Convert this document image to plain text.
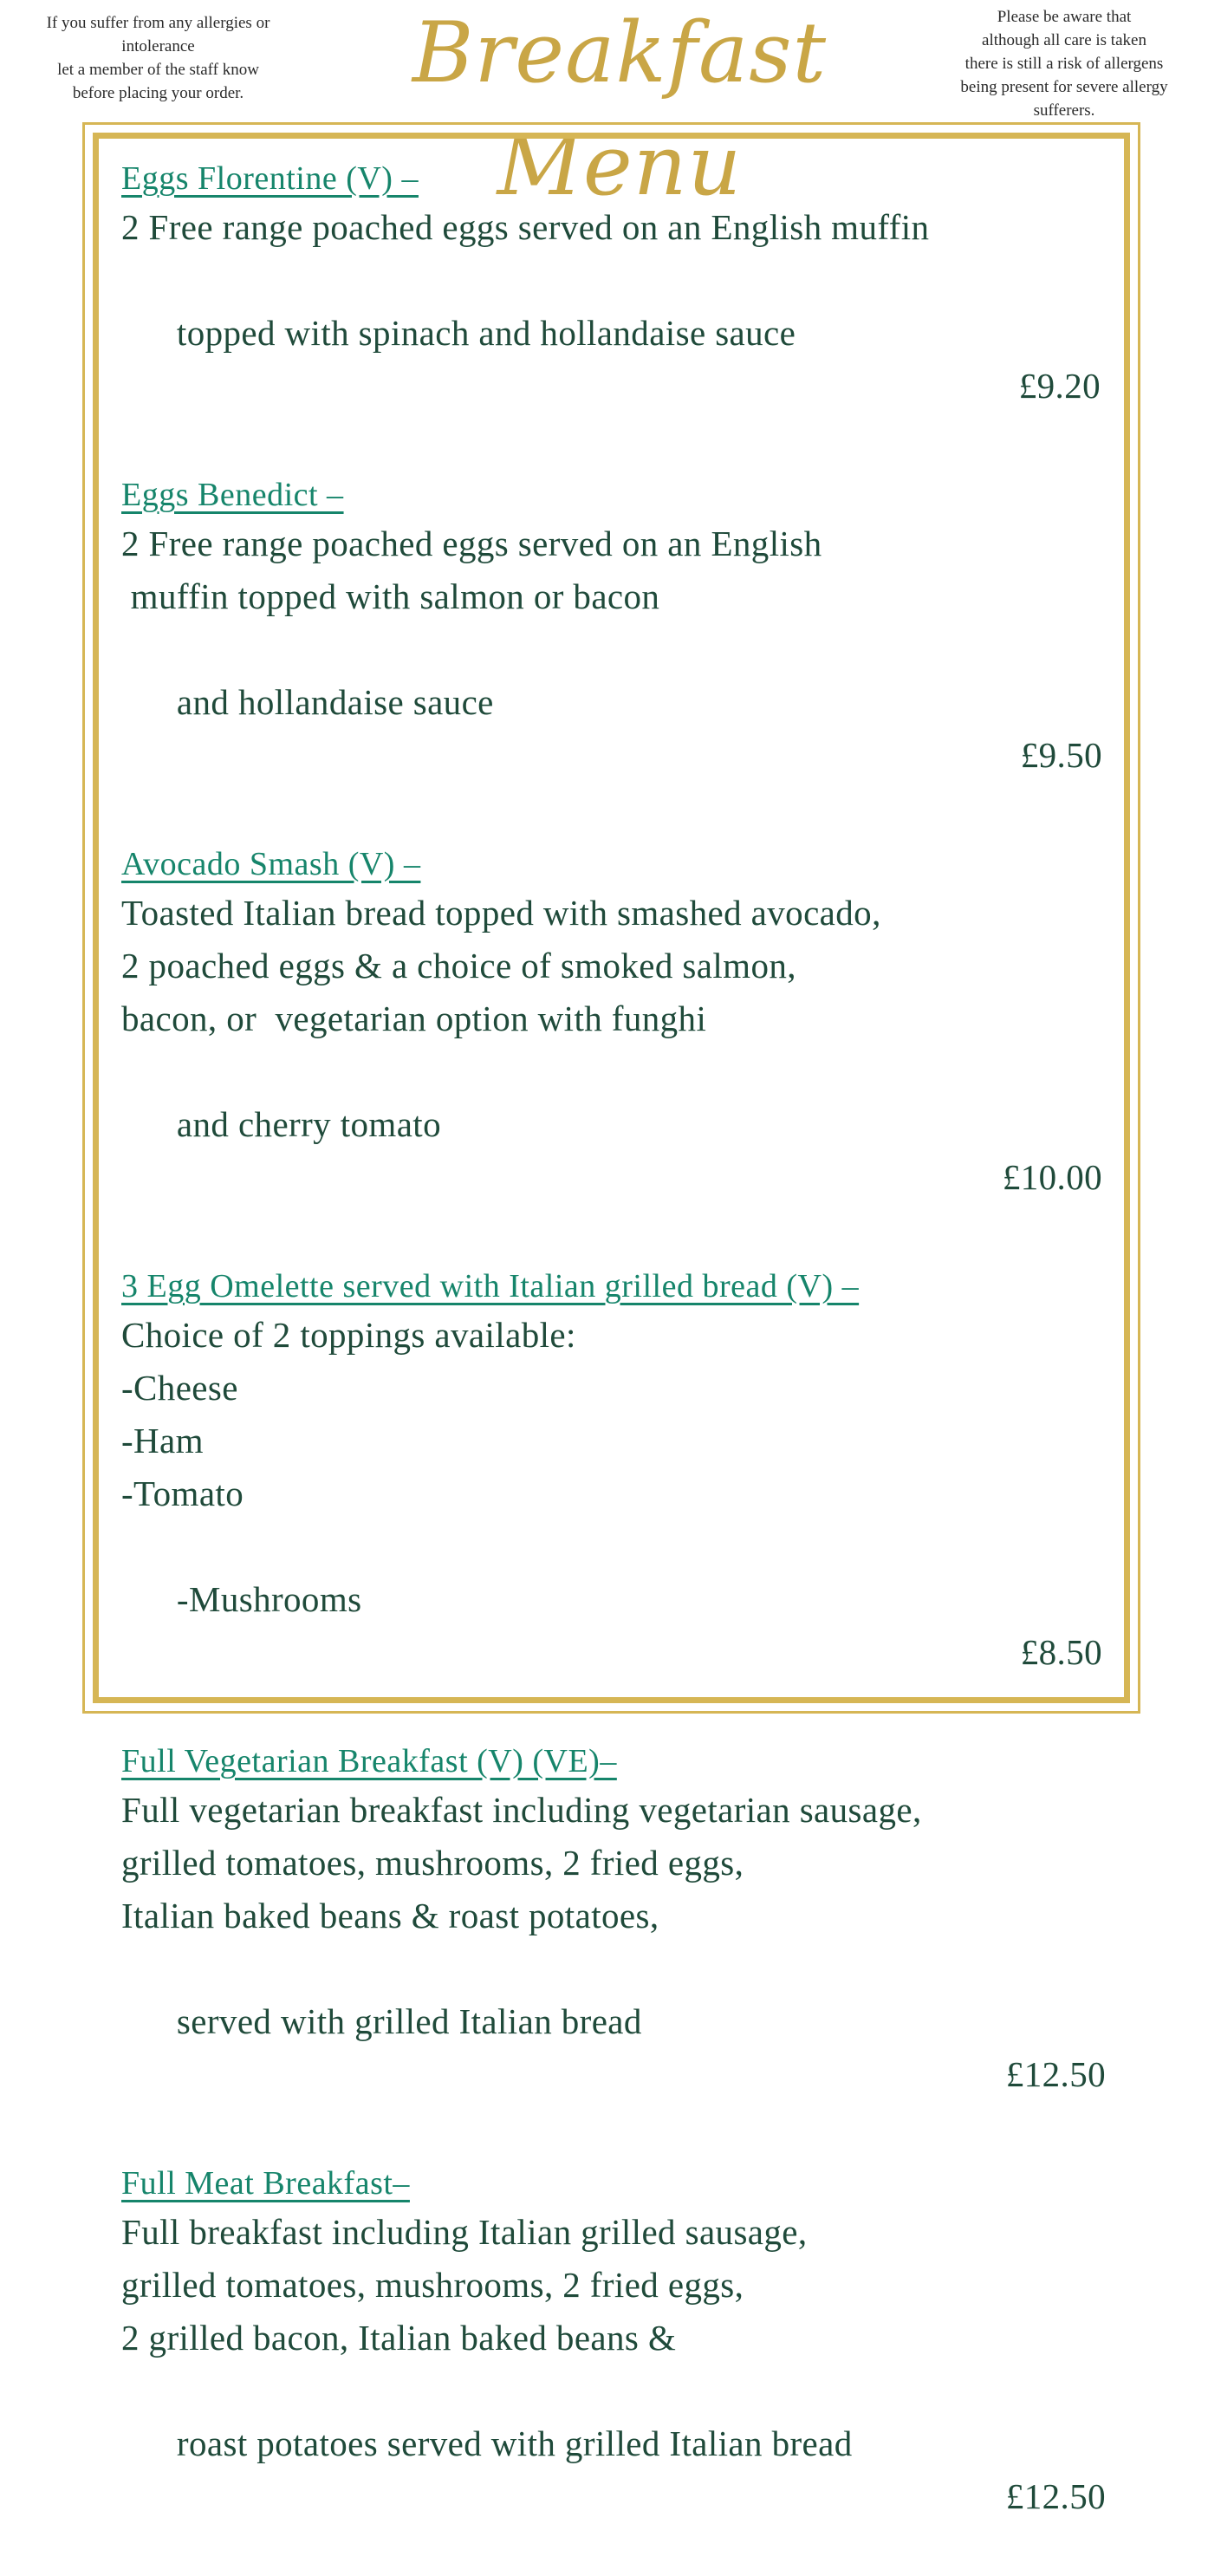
If you suffer from any allergies or
intolerance
let a member of the staff know
before placing your order.	Breakfast Menu
Please be aware that
although all care is taken
there is still a risk of allergens
being present for severe allergy
sufferers.
Eggs Florentine (V) –
2 Free range poached eggs served on an English muffin

topped with spinach and hollandaise sauce

£9.20

Eggs Benedict –
2 Free range poached eggs served on an English
muffin topped with salmon or bacon

and hollandaise sauce

£9.50

Avocado Smash (V) –
Toasted Italian bread topped with smashed avocado,
2 poached eggs & a choice of smoked salmon,
bacon, or  vegetarian option with funghi

and cherry tomato

£10.00

3 Egg Omelette served with Italian grilled bread (V) –
Choice of 2 toppings available:
-Cheese
-Ham
-Tomato

-Mushrooms

£8.50

Full Vegetarian Breakfast (V) (VE)–
Full vegetarian breakfast including vegetarian sausage,
grilled tomatoes, mushrooms, 2 fried eggs,
Italian baked beans & roast potatoes,

served with grilled Italian bread

£12.50

Full Meat Breakfast–
Full breakfast including Italian grilled sausage,
grilled tomatoes, mushrooms, 2 fried eggs,
2 grilled bacon, Italian baked beans &

roast potatoes served with grilled Italian bread

£12.50
